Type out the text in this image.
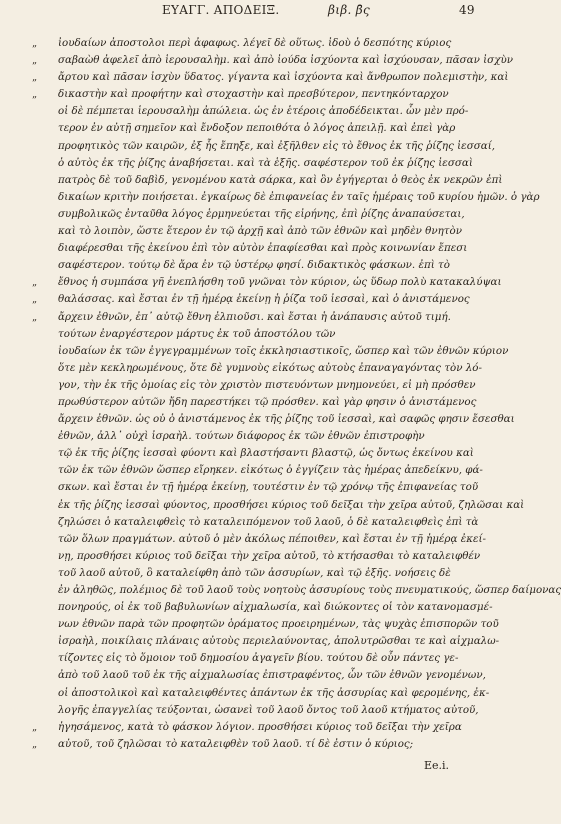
ΕΥΑΓΓ. ΑΠΟΔΕΙΞ.	βιβ. β̄ς	49
„	ἰουδαίων ἀποστολοι περὶ ἀφαφως. λέγεῖ δὲ οὕτως. ἰδοὺ ὁ δεσπότης κύριος
„	σαβαὼθ ἀφελεῖ ἀπὸ ἱερουσαλὴμ. καὶ ἀπὸ ἰούδα ἰσχύοντα καὶ ἰσχύουσαν, πᾶσαν ἰσχὺν
„	ἄρτου καὶ πᾶσαν ἰσχὺν ὕδατος. γίγαντα καὶ ἰσχύοντα καὶ ἄνθρωπον πολεμιστὴν, καὶ
„	δικαστὴν καὶ προφήτην καὶ στοχαστὴν καὶ πρεσβύτερον, πεντηκόνταρχον
οἱ δὲ πέμπεται ἱερουσαλὴμ ἀπώλεια. ὡς ἐν ἑτέροις ἀποδέδεικται. ὧν μὲν πρό-
τερον ἐν αὐτῇ σημεῖον καὶ ἔνδοξον πεποιθότα ὁ λόγος ἀπειλῇ. καὶ ἐπεὶ γὰρ
προφητικὸς τῶν καιρῶν, ἐξ ἧς ἔπηξε, καὶ ἐξῆλθεν εἰς τὸ ἔθνος ἐκ τῆς ῥίζης ἰεσσαί,
ὁ αὐτὸς ἐκ τῆς ῥίζης ἀναβήσεται. καὶ τὰ ἑξῆς. σαφέστερον τοῦ ἐκ ῥίζης ἰεσσαὶ
πατρὸς δὲ τοῦ δαβὶδ, γενομένου κατὰ σάρκα, καὶ ὃν ἐγήγερται ὁ θεὸς ἐκ νεκρῶν ἐπὶ
δικαίων κριτὴν ποιήσεται. ἐγκαίρως δὲ ἐπιφανείας ἐν ταῖς ἡμέραις τοῦ κυρίου ἡμῶν. ὁ γὰρ
συμβολικῶς ἐνταῦθα λόγος ἑρμηνεύεται τῆς εἰρήνης, ἐπὶ ῥίζης ἀναπαύσεται,
καὶ τὸ λοιπὸν, ὥστε ἕτερον ἐν τῷ ἀρχῇ καὶ ἀπὸ τῶν ἐθνῶν καὶ μηδὲν θνητὸν
διαφέρεσθαι τῆς ἐκείνου ἐπὶ τὸν αὐτὸν ἐπαφίεσθαι καὶ πρὸς κοινωνίαν ἔπεσι
σαφέστερον. τούτῳ δὲ ἄρα ἐν τῷ ὑστέρῳ φησί. διδακτικὸς φάσκων. ἐπὶ τὸ
„	ἔθνος ἡ συμπάσα γῆ ἐνεπλήσθη τοῦ γνῶναι τὸν κύριον, ὡς ὕδωρ πολὺ κατακαλύψαι
„	θαλάσσας. καὶ ἔσται ἐν τῇ ἡμέρᾳ ἐκείνῃ ἡ ῥίζα τοῦ ἰεσσαὶ, καὶ ὁ ἀνιστάμενος
„	ἄρχειν ἐθνῶν, ἐπ᾽ αὐτῷ ἔθνη ἐλπιοῦσι. καὶ ἔσται ἡ ἀνάπαυσις αὐτοῦ τιμή.
τούτων ἐναργέστερον μάρτυς ἐκ τοῦ ἀποστόλου τῶν
ἰουδαίων ἐκ τῶν ἐγγεγραμμένων τοῖς ἐκκλησιαστικοῖς, ὥσπερ καὶ τῶν ἐθνῶν κύριον
ὅτε μὲν κεκληρωμένους, ὅτε δὲ γυμνοὺς εἰκότως αὐτοὺς ἐπαναγαγόντας τὸν λό-
γον, τὴν ἐκ τῆς ὁμοίας εἰς τὸν χριστὸν πιστευόντων μνημονεύει, εἰ μὴ πρόσθεν
πρωθύστερον αὐτῶν ἤδη παρεστήκει τῷ πρόσθεν. καὶ γὰρ φησιν ὁ ἀνιστάμενος
ἄρχειν ἐθνῶν. ὡς οὐ ὁ ἀνιστάμενος ἐκ τῆς ῥίζης τοῦ ἰεσσαὶ, καὶ σαφῶς φησιν ἔσεσθαι
ἐθνῶν, ἀλλ᾽ οὐχὶ ἰσραὴλ. τούτων διάφορος ἐκ τῶν ἐθνῶν ἐπιστροφὴν
τῷ ἐκ τῆς ῥίζης ἰεσσαὶ φύοντι καὶ βλαστήσαντι βλαστῷ, ὡς ὄντως ἐκείνου καὶ
τῶν ἐκ τῶν ἐθνῶν ὥσπερ εἴρηκεν. εἰκότως ὁ ἐγγίζειν τὰς ἡμέρας ἀπεδείκνυ, φά-
σκων. καὶ ἔσται ἐν τῇ ἡμέρᾳ ἐκείνῃ, τουτέστιν ἐν τῷ χρόνῳ τῆς ἐπιφανείας τοῦ
ἐκ τῆς ῥίζης ἰεσσαὶ φύοντος, προσθήσει κύριος τοῦ δεῖξαι τὴν χεῖρα αὐτοῦ, ζηλῶσαι καὶ
ζηλώσει ὁ καταλειφθεὶς τὸ καταλειπόμενον τοῦ λαοῦ, ὁ δὲ καταλειφθεὶς ἐπὶ τὰ
τῶν ὅλων πραγμάτων. αὐτοῦ ὁ μὲν ἀκόλως πέποιθεν, καὶ ἔσται ἐν τῇ ἡμέρᾳ ἐκεί-
νῃ, προσθήσει κύριος τοῦ δεῖξαι τὴν χεῖρα αὐτοῦ, τὸ κτήσασθαι τὸ καταλειφθέν
τοῦ λαοῦ αὐτοῦ, ὃ καταλείφθη ἀπὸ τῶν ἀσσυρίων, καὶ τῷ ἑξῆς. νοήσεις δὲ
ἐν ἀληθῶς, πολέμιος δὲ τοῦ λαοῦ τοὺς νοητοὺς ἀσσυρίους τοὺς πνευματικούς, ὥσπερ δαίμονας
πονηρούς, οἱ ἐκ τοῦ βαβυλωνίων αἰχμαλωσία, καὶ διώκοντες οἱ τὸν κατανομασμέ-
νων ἐθνῶν παρὰ τῶν προφητῶν ὁράματος προειρημένων, τὰς ψυχὰς ἐπισπορῶν τοῦ
ἰσραὴλ, ποικίλαις πλάναις αὐτοὺς περιελαύνοντας, ἀπολυτρῶσθαι τε καὶ αἰχμαλω-
τίζοντες εἰς τὸ ὅμοιον τοῦ δημοσίου ἀγαγεῖν βίου. τούτου δὲ οὖν πάντες γε-
ἀπὸ τοῦ λαοῦ τοῦ ἐκ τῆς αἰχμαλωσίας ἐπιστραφέντος, ὧν τῶν ἐθνῶν γενομένων,
οἱ ἀποστολικοὶ καὶ καταλειφθέντες ἀπάντων ἐκ τῆς ἀσσυρίας καὶ φερομένης, ἐκ-
λογῆς ἐπαγγελίας τεύξονται, ὡσανεὶ τοῦ λαοῦ ὄντος τοῦ λαοῦ κτήματος αὐτοῦ,
„	ἡγησάμενος, κατὰ τὸ φάσκον λόγιον. προσθήσει κύριος τοῦ δεῖξαι τὴν χεῖρα
„	αὐτοῦ, τοῦ ζηλῶσαι τὸ καταλειφθὲν τοῦ λαοῦ. τί δὲ ἐστιν ὁ κύριος;
Ee.i.
